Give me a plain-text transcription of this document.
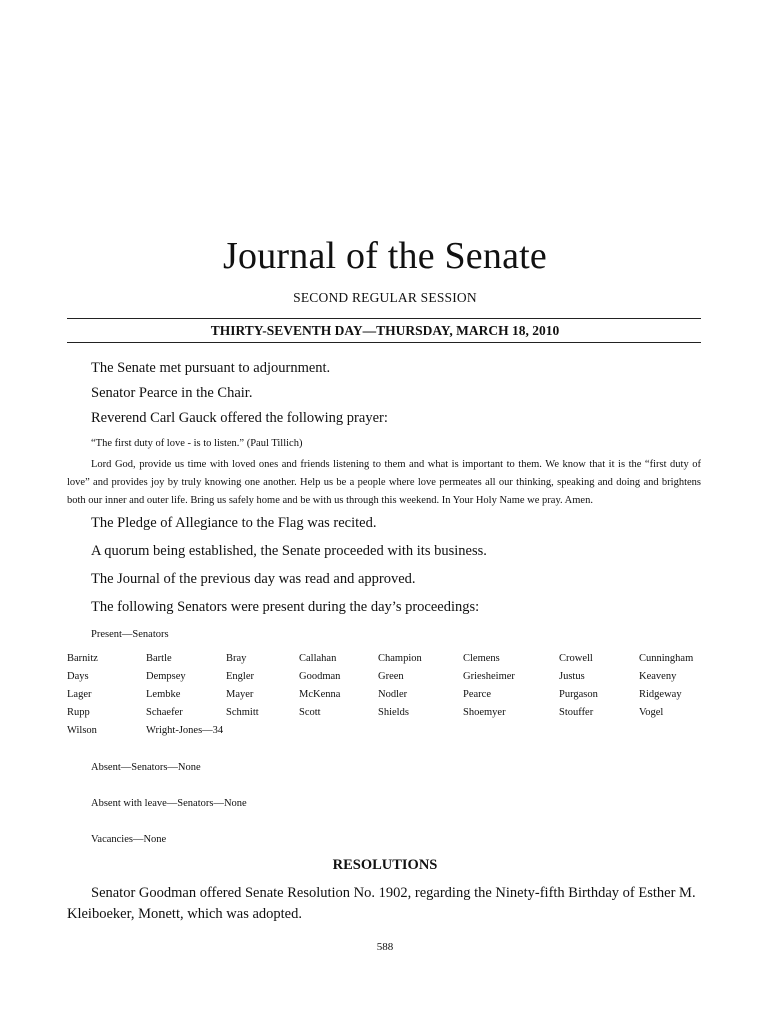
Journal of the Senate
SECOND REGULAR SESSION
THIRTY-SEVENTH DAY—THURSDAY, MARCH 18, 2010
The Senate met pursuant to adjournment.
Senator Pearce in the Chair.
Reverend Carl Gauck offered the following prayer:
“The first duty of love - is to listen.” (Paul Tillich)
Lord God, provide us time with loved ones and friends listening to them and what is important to them. We know that it is the “first duty of love” and provides joy by truly knowing one another. Help us be a people where love permeates all our thinking, speaking and doing and brightens both our inner and outer life. Bring us safely home and be with us through this weekend. In Your Holy Name we pray. Amen.
The Pledge of Allegiance to the Flag was recited.
A quorum being established, the Senate proceeded with its business.
The Journal of the previous day was read and approved.
The following Senators were present during the day’s proceedings:
Present—Senators
Barnitz	Bartle	Bray	Callahan	Champion	Clemens	Crowell	Cunningham
Days	Dempsey	Engler	Goodman	Green	Griesheimer	Justus	Keaveny
Lager	Lembke	Mayer	McKenna	Nodler	Pearce	Purgason	Ridgeway
Rupp	Schaefer	Schmitt	Scott	Shields	Shoemyer	Stouffer	Vogel
Wilson	Wright-Jones—34
Absent—Senators—None
Absent with leave—Senators—None
Vacancies—None
RESOLUTIONS
Senator Goodman offered Senate Resolution No. 1902, regarding the Ninety-fifth Birthday of Esther M. Kleiboeker, Monett, which was adopted.
588
